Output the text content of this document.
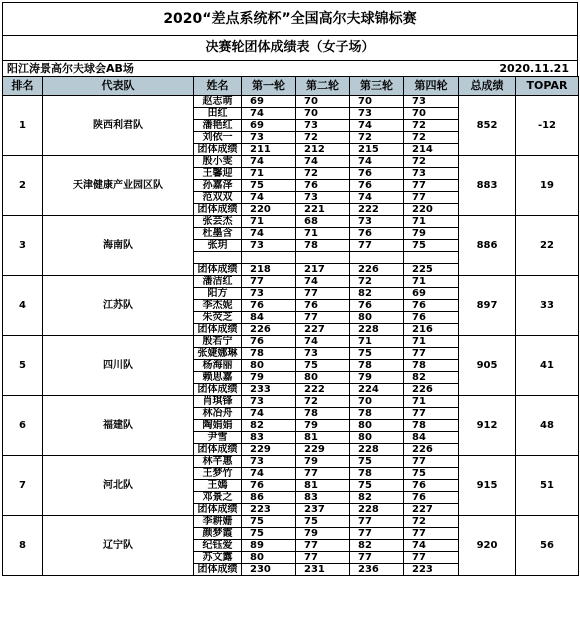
2020“差点系统杯”全国高尔夫球锦标赛
决赛轮团体成绩表（女子场）
阳江涛景高尔夫球会AB场	2020.11.21
排名	代表队	姓名	第一轮	第二轮	第三轮	第四轮	总成绩	TOPAR
1	陕西利君队	赵志萌	69	70	70	73	852	-12
		田红	74	70	73	70		
		潘艳红	69	73	74	72		
		刘依一	73	72	72	72		
		团体成绩	211	212	215	214		
2	天津健康产业园区队	殷小雯	74	74	74	72	883	19
		王馨迎	71	72	76	73		
		孙嘉泽	75	76	76	77		
		范双双	74	73	74	77		
		团体成绩	220	221	222	220		
3	海南队	张芸杰	71	68	73	71	886	22
		杜墨含	74	71	76	79		
		张玥	73	78	77	75		

		团体成绩	218	217	226	225		
4	江苏队	潘洁红	77	74	72	71	897	33
		阳方	73	77	82	69		
		李杰妮	76	76	76	76		
		朱荧芝	84	77	80	76		
		团体成绩	226	227	228	216		
5	四川队	殷若宁	76	74	71	71	905	41
		张婕娜琳	78	73	75	77		
		杨海丽	80	75	78	78		
		赖思嘉	79	80	79	82		
		团体成绩	233	222	224	226		
6	福建队	肖琪锋	73	72	70	71	912	48
		林冶舟	74	78	78	77		
		陶娟娟	82	79	80	78		
		尹雪	83	81	80	84		
		团体成绩	229	229	228	226		
7	河北队	林芊惠	73	79	75	77	915	51
		王梦竹	74	77	78	75		
		王嫣	76	81	75	76		
		邓景之	86	83	82	76		
		团体成绩	223	237	228	227		
8	辽宁队	李耕姗	75	75	77	72	920	56
		颜梦霞	75	79	77	77		
		纪钰爱	89	77	82	74		
		苏文露	80	77	77	77		
		团体成绩	230	231	236	223		
